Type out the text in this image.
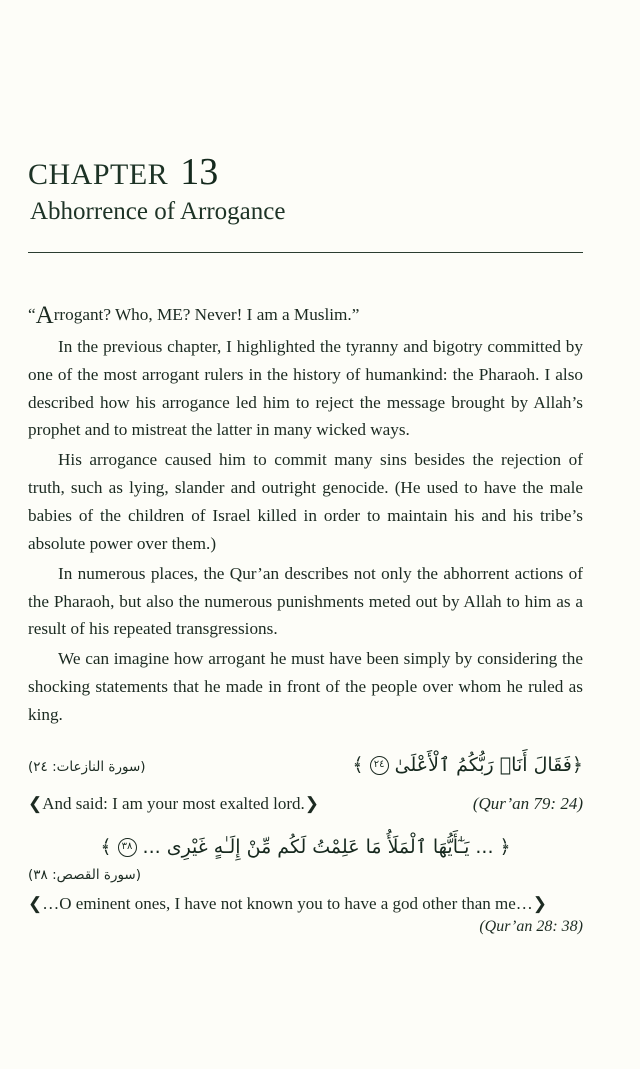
CHAPTER 13
Abhorrence of Arrogance

“Arrogant? Who, ME? Never! I am a Muslim.”

In the previous chapter, I highlighted the tyranny and bigotry committed by one of the most arrogant rulers in the history of humankind: the Pharaoh. I also described how his arrogance led him to reject the message brought by Allah’s prophet and to mistreat the latter in many wicked ways.

His arrogance caused him to commit many sins besides the rejection of truth, such as lying, slander and outright genocide. (He used to have the male babies of the children of Israel killed in order to maintain his and his tribe’s absolute power over them.)

In numerous places, the Qur’an describes not only the abhorrent actions of the Pharaoh, but also the numerous punishments meted out by Allah to him as a result of his repeated transgressions.

We can imagine how arrogant he must have been simply by considering the shocking statements that he made in front of the people over whom he ruled as king.

(سورة النازعات: ٢٤)	﴿فَقَالَ أَنَا۠ رَبُّكُمُ ٱلْأَعْلَىٰ ٢٤ ﴾
❮And said: I am your most exalted lord.❯	(Qur’an 79: 24)
﴿ ... يَـٰٓأَيُّهَا ٱلْمَلَأُ مَا عَلِمْتُ لَكُم مِّنْ إِلَـٰهٍ غَيْرِى ... ٣٨ ﴾
(سورة القصص: ٣٨)
❮…O eminent ones, I have not known you to have a god other than me…❯
(Qur’an 28: 38)
